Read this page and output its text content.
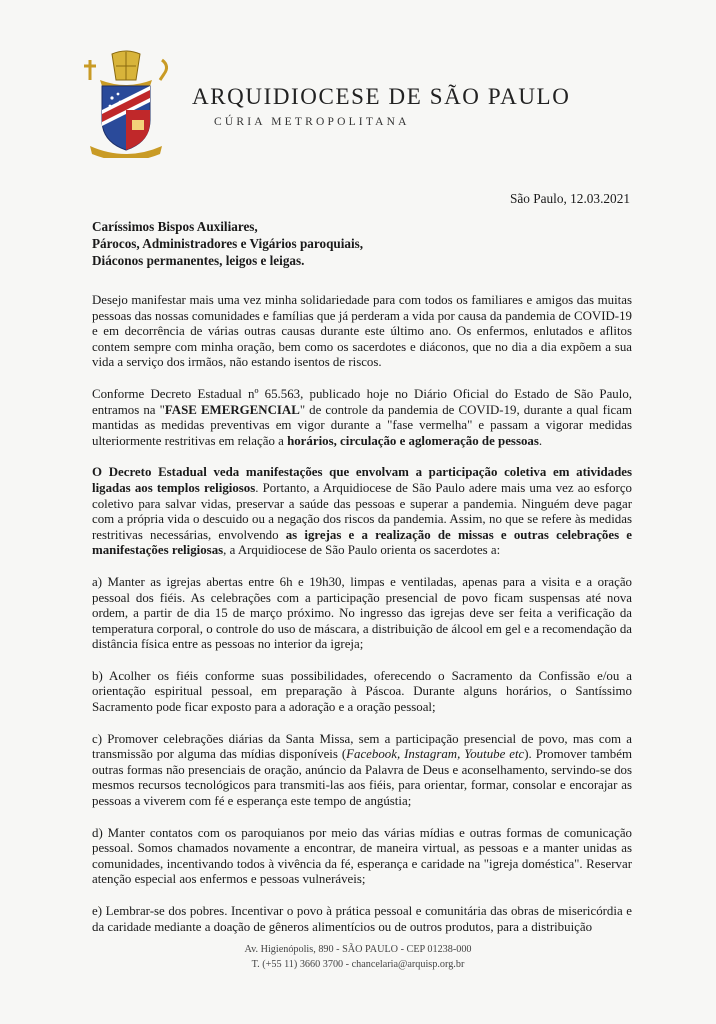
ARQUIDIOCESE DE SÃO PAULO
CÚRIA METROPOLITANA
São Paulo, 12.03.2021
Caríssimos Bispos Auxiliares,
Párocos, Administradores e Vigários paroquiais,
Diáconos permanentes, leigos e leigas.

Desejo manifestar mais uma vez minha solidariedade para com todos os familiares e amigos das muitas pessoas das nossas comunidades e famílias que já perderam a vida por causa da pandemia de COVID-19 e em decorrência de várias outras causas durante este último ano. Os enfermos, enlutados e aflitos contem sempre com minha oração, bem como os sacerdotes e diáconos, que no dia a dia expõem a sua vida a serviço dos irmãos, não estando isentos de riscos.

Conforme Decreto Estadual nº 65.563, publicado hoje no Diário Oficial do Estado de São Paulo, entramos na "FASE EMERGENCIAL" de controle da pandemia de COVID-19, durante a qual ficam mantidas as medidas preventivas em vigor durante a "fase vermelha" e passam a vigorar medidas ulteriormente restritivas em relação a horários, circulação e aglomeração de pessoas.

O Decreto Estadual veda manifestações que envolvam a participação coletiva em atividades ligadas aos templos religiosos. Portanto, a Arquidiocese de São Paulo adere mais uma vez ao esforço coletivo para salvar vidas, preservar a saúde das pessoas e superar a pandemia. Ninguém deve pagar com a própria vida o descuido ou a negação dos riscos da pandemia. Assim, no que se refere às medidas restritivas necessárias, envolvendo as igrejas e a realização de missas e outras celebrações e manifestações religiosas, a Arquidiocese de São Paulo orienta os sacerdotes a:

a) Manter as igrejas abertas entre 6h e 19h30, limpas e ventiladas, apenas para a visita e a oração pessoal dos fiéis. As celebrações com a participação presencial de povo ficam suspensas até nova ordem, a partir de dia 15 de março próximo. No ingresso das igrejas deve ser feita a verificação da temperatura corporal, o controle do uso de máscara, a distribuição de álcool em gel e a recomendação da distância física entre as pessoas no interior da igreja;

b) Acolher os fiéis conforme suas possibilidades, oferecendo o Sacramento da Confissão e/ou a orientação espiritual pessoal, em preparação à Páscoa. Durante alguns horários, o Santíssimo Sacramento pode ficar exposto para a adoração e a oração pessoal;

c) Promover celebrações diárias da Santa Missa, sem a participação presencial de povo, mas com a transmissão por alguma das mídias disponíveis (Facebook, Instagram, Youtube etc). Promover também outras formas não presenciais de oração, anúncio da Palavra de Deus e aconselhamento, servindo-se dos mesmos recursos tecnológicos para transmiti-las aos fiéis, para orientar, formar, consolar e encorajar as pessoas a viverem com fé e esperança este tempo de angústia;

d) Manter contatos com os paroquianos por meio das várias mídias e outras formas de comunicação pessoal. Somos chamados novamente a encontrar, de maneira virtual, as pessoas e a manter unidas as comunidades, incentivando todos à vivência da fé, esperança e caridade na "igreja doméstica". Reservar atenção especial aos enfermos e pessoas vulneráveis;

e) Lembrar-se dos pobres. Incentivar o povo à prática pessoal e comunitária das obras de misericórdia e da caridade mediante a doação de gêneros alimentícios ou de outros produtos, para a distribuição

Av. Higienópolis, 890 - SÃO PAULO - CEP 01238-000
T. (+55 11) 3660 3700 - chancelaria@arquisp.org.br
